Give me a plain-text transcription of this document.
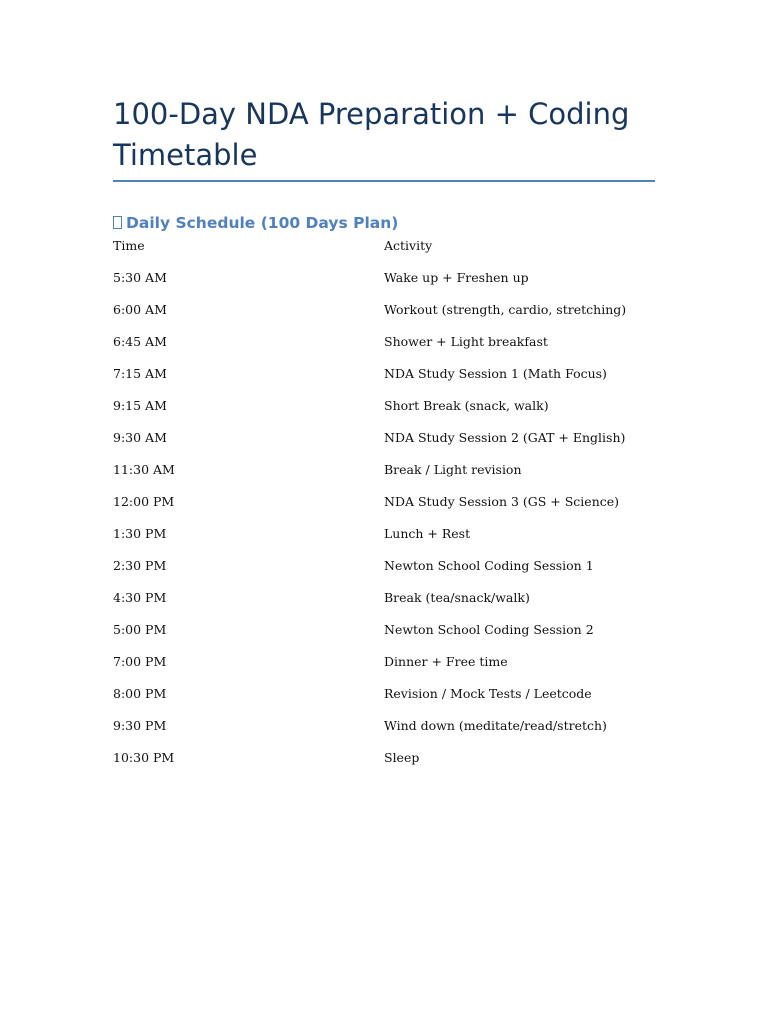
100-Day NDA Preparation + Coding Timetable
Daily Schedule (100 Days Plan)
Time	Activity
5:30 AM	Wake up + Freshen up
6:00 AM	Workout (strength, cardio, stretching)
6:45 AM	Shower + Light breakfast
7:15 AM	NDA Study Session 1 (Math Focus)
9:15 AM	Short Break (snack, walk)
9:30 AM	NDA Study Session 2 (GAT + English)
11:30 AM	Break / Light revision
12:00 PM	NDA Study Session 3 (GS + Science)
1:30 PM	Lunch + Rest
2:30 PM	Newton School Coding Session 1
4:30 PM	Break (tea/snack/walk)
5:00 PM	Newton School Coding Session 2
7:00 PM	Dinner + Free time
8:00 PM	Revision / Mock Tests / Leetcode
9:30 PM	Wind down (meditate/read/stretch)
10:30 PM	Sleep
